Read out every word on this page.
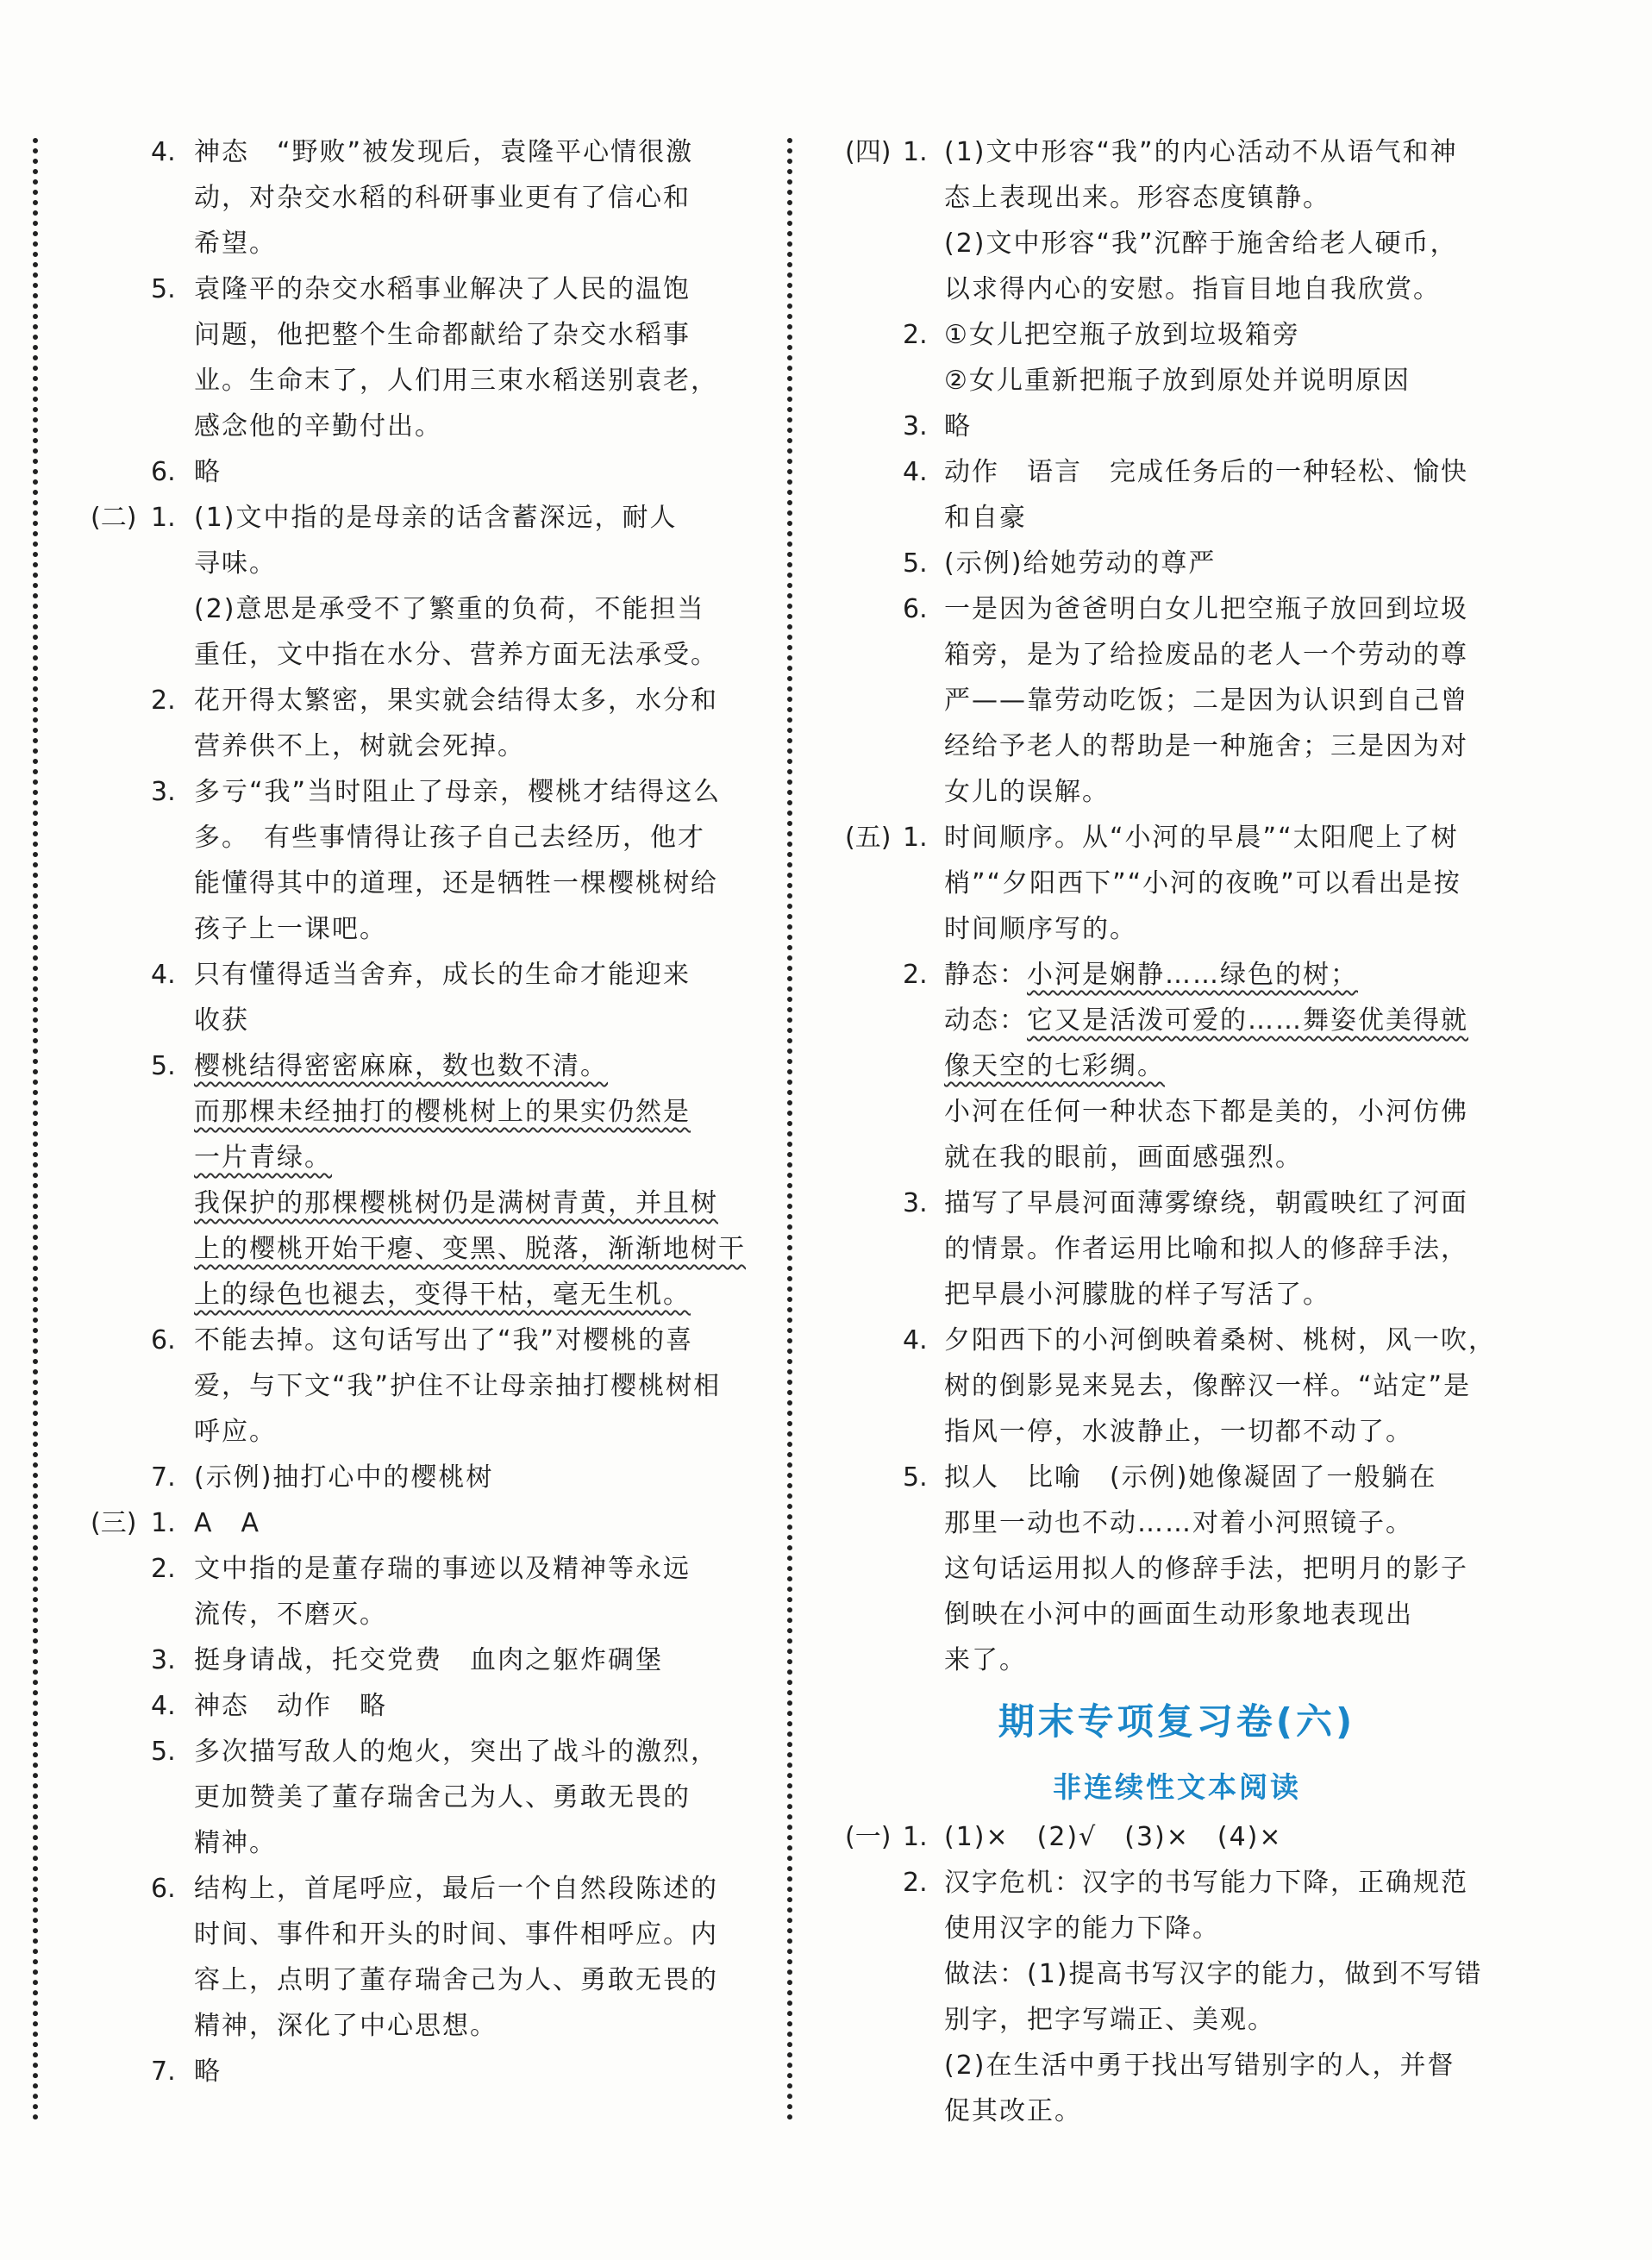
4. 神态　“野败”被发现后，袁隆平心情很激
动，对杂交水稻的科研事业更有了信心和
希望。
5. 袁隆平的杂交水稻事业解决了人民的温饱
问题，他把整个生命都献给了杂交水稻事
业。生命末了，人们用三束水稻送别袁老，
感念他的辛勤付出。
6. 略
(二) 1. (1)文中指的是母亲的话含蓄深远，耐人
寻味。
(2)意思是承受不了繁重的负荷，不能担当
重任，文中指在水分、营养方面无法承受。
2. 花开得太繁密，果实就会结得太多，水分和
营养供不上，树就会死掉。
3. 多亏“我”当时阻止了母亲，樱桃才结得这么
多。　有些事情得让孩子自己去经历，他才
能懂得其中的道理，还是牺牲一棵樱桃树给
孩子上一课吧。
4. 只有懂得适当舍弃，成长的生命才能迎来
收获
5. 樱桃结得密密麻麻，数也数不清。
而那棵未经抽打的樱桃树上的果实仍然是
一片青绿。
我保护的那棵樱桃树仍是满树青黄，并且树
上的樱桃开始干瘪、变黑、脱落，渐渐地树干
上的绿色也褪去，变得干枯，毫无生机。
6. 不能去掉。这句话写出了“我”对樱桃的喜
爱，与下文“我”护住不让母亲抽打樱桃树相
呼应。
7. (示例)抽打心中的樱桃树
(三) 1. A　A
2. 文中指的是董存瑞的事迹以及精神等永远
流传，不磨灭。
3. 挺身请战，托交党费　血肉之躯炸碉堡
4. 神态　动作　略
5. 多次描写敌人的炮火，突出了战斗的激烈，
更加赞美了董存瑞舍己为人、勇敢无畏的
精神。
6. 结构上，首尾呼应，最后一个自然段陈述的
时间、事件和开头的时间、事件相呼应。内
容上，点明了董存瑞舍己为人、勇敢无畏的
精神，深化了中心思想。
7. 略
(四) 1. (1)文中形容“我”的内心活动不从语气和神
态上表现出来。形容态度镇静。
(2)文中形容“我”沉醉于施舍给老人硬币，
以求得内心的安慰。指盲目地自我欣赏。
2. ①女儿把空瓶子放到垃圾箱旁
②女儿重新把瓶子放到原处并说明原因
3. 略
4. 动作　语言　完成任务后的一种轻松、愉快
和自豪
5. (示例)给她劳动的尊严
6. 一是因为爸爸明白女儿把空瓶子放回到垃圾
箱旁，是为了给捡废品的老人一个劳动的尊
严——靠劳动吃饭；二是因为认识到自己曾
经给予老人的帮助是一种施舍；三是因为对
女儿的误解。
(五) 1. 时间顺序。从“小河的早晨”“太阳爬上了树
梢”“夕阳西下”“小河的夜晚”可以看出是按
时间顺序写的。
2. 静态：小河是娴静……绿色的树；
动态：它又是活泼可爱的……舞姿优美得就
像天空的七彩绸。
小河在任何一种状态下都是美的，小河仿佛
就在我的眼前，画面感强烈。
3. 描写了早晨河面薄雾缭绕，朝霞映红了河面
的情景。作者运用比喻和拟人的修辞手法，
把早晨小河朦胧的样子写活了。
4. 夕阳西下的小河倒映着桑树、桃树，风一吹，
树的倒影晃来晃去，像醉汉一样。“站定”是
指风一停，水波静止，一切都不动了。
5. 拟人　比喻　(示例)她像凝固了一般躺在
那里一动也不动……对着小河照镜子。
这句话运用拟人的修辞手法，把明月的影子
倒映在小河中的画面生动形象地表现出
来了。
期末专项复习卷(六)
非连续性文本阅读
(一) 1. (1)×　(2)√　(3)×　(4)×
2. 汉字危机：汉字的书写能力下降，正确规范
使用汉字的能力下降。
做法：(1)提高书写汉字的能力，做到不写错
别字，把字写端正、美观。
(2)在生活中勇于找出写错别字的人，并督
促其改正。
